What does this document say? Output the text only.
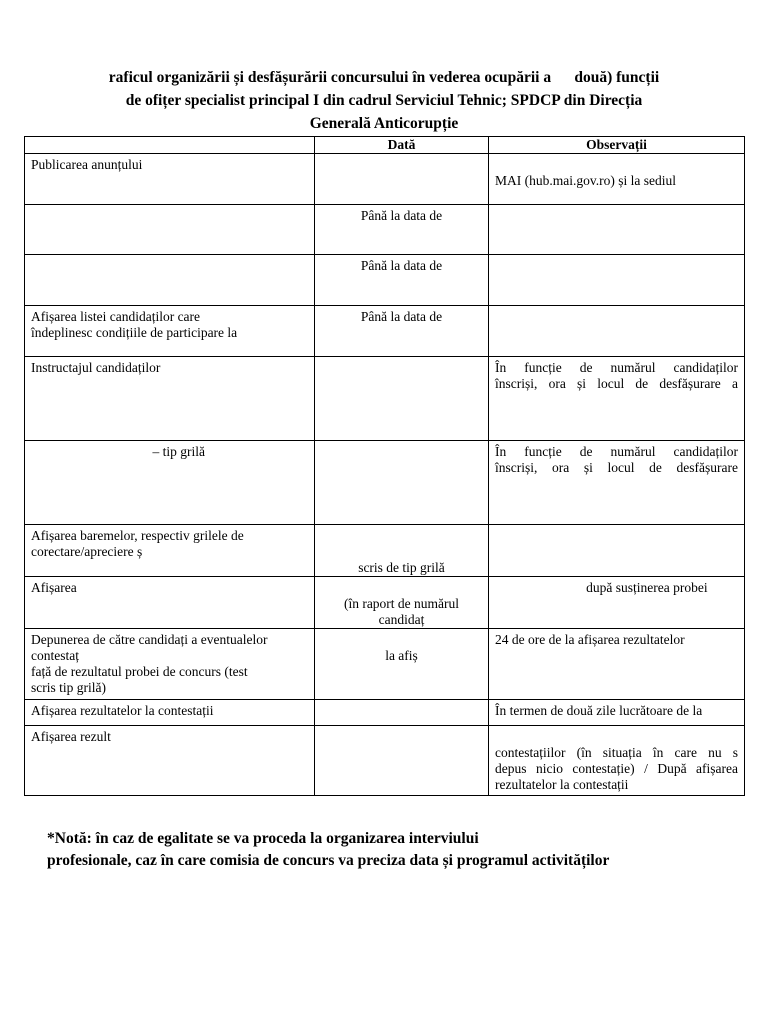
raficul organizării și desfășurării concursului în vederea ocupării a      două) funcții
de ofițer specialist principal I din cadrul Serviciul Tehnic; SPDCP din Direcția
Generală Anticorupție
	Dată	Observații

Publicarea anunțului		MAI (hub.mai.gov.ro) și la sediul

	Până la data de	

	Până la data de	

Afișarea listei candidaților care
îndeplinesc condițiile de participare la	Până la data de	

Instructajul candidaților		În funcție de numărul candidaților
înscriși, ora și locul de desfășurare a

– tip grilă		În funcție de numărul candidaților
înscriși, ora și locul de desfășurare

Afișarea baremelor, respectiv grilele de
corectare/apreciere ș	scris de tip grilă	

Afișarea	(în raport de numărul
candidaț	după susținerea probei

Depunerea de către candidați a eventualelor
contestaț
față de rezultatul probei de concurs (test
scris tip grilă)	la afiș	24 de ore de la afișarea rezultatelor

Afișarea rezultatelor la contestații		În termen de două zile lucrătoare de la

Afișarea rezult		contestațiilor (în situația în care nu s
depus nicio contestație) / După afișarea
rezultatelor la contestații
*Notă: în caz de egalitate se va proceda la organizarea interviului
profesionale, caz în care comisia de concurs va preciza data și programul activităților
